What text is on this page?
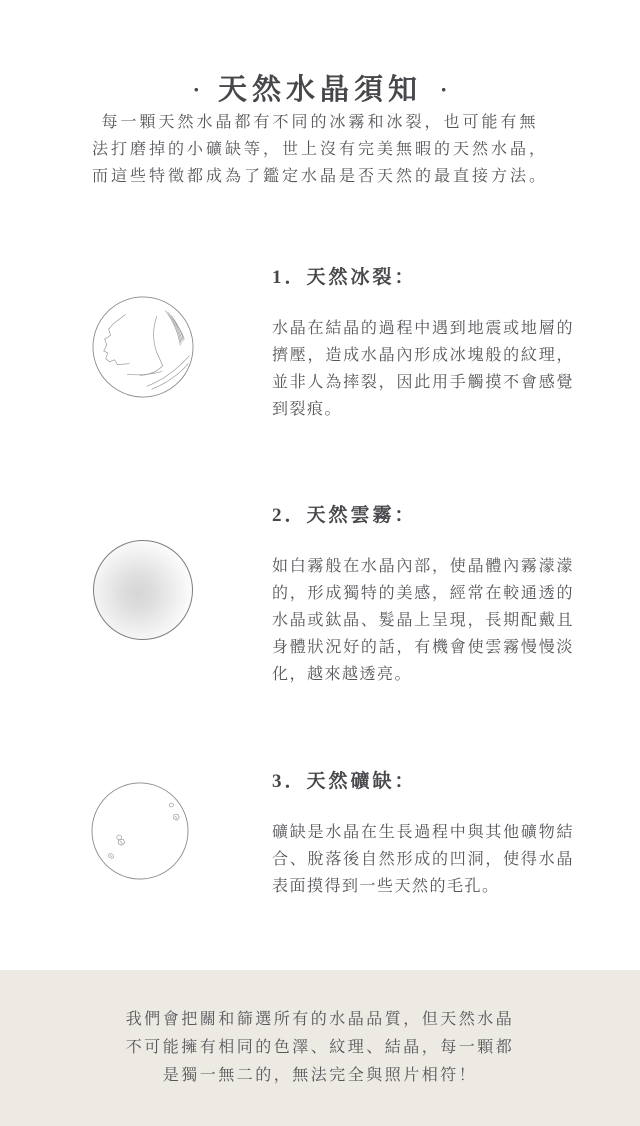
· 天然水晶須知 ·
每一顆天然水晶都有不同的冰霧和冰裂，也可能有無
法打磨掉的小礦缺等，世上沒有完美無暇的天然水晶，
而這些特徵都成為了鑑定水晶是否天然的最直接方法。
1．天然冰裂：

水晶在結晶的過程中遇到地震或地層的擠壓，造成水晶內形成冰塊般的紋理，並非人為摔裂，因此用手觸摸不會感覺到裂痕。

2．天然雲霧：

如白霧般在水晶內部，使晶體內霧濛濛的，形成獨特的美感，經常在較通透的水晶或鈦晶、髮晶上呈現，長期配戴且身體狀況好的話，有機會使雲霧慢慢淡化，越來越透亮。

3．天然礦缺：

礦缺是水晶在生長過程中與其他礦物結合、脫落後自然形成的凹洞，使得水晶表面摸得到一些天然的毛孔。

我們會把關和篩選所有的水晶品質，但天然水晶
不可能擁有相同的色澤、紋理、結晶，每一顆都
是獨一無二的，無法完全與照片相符！
